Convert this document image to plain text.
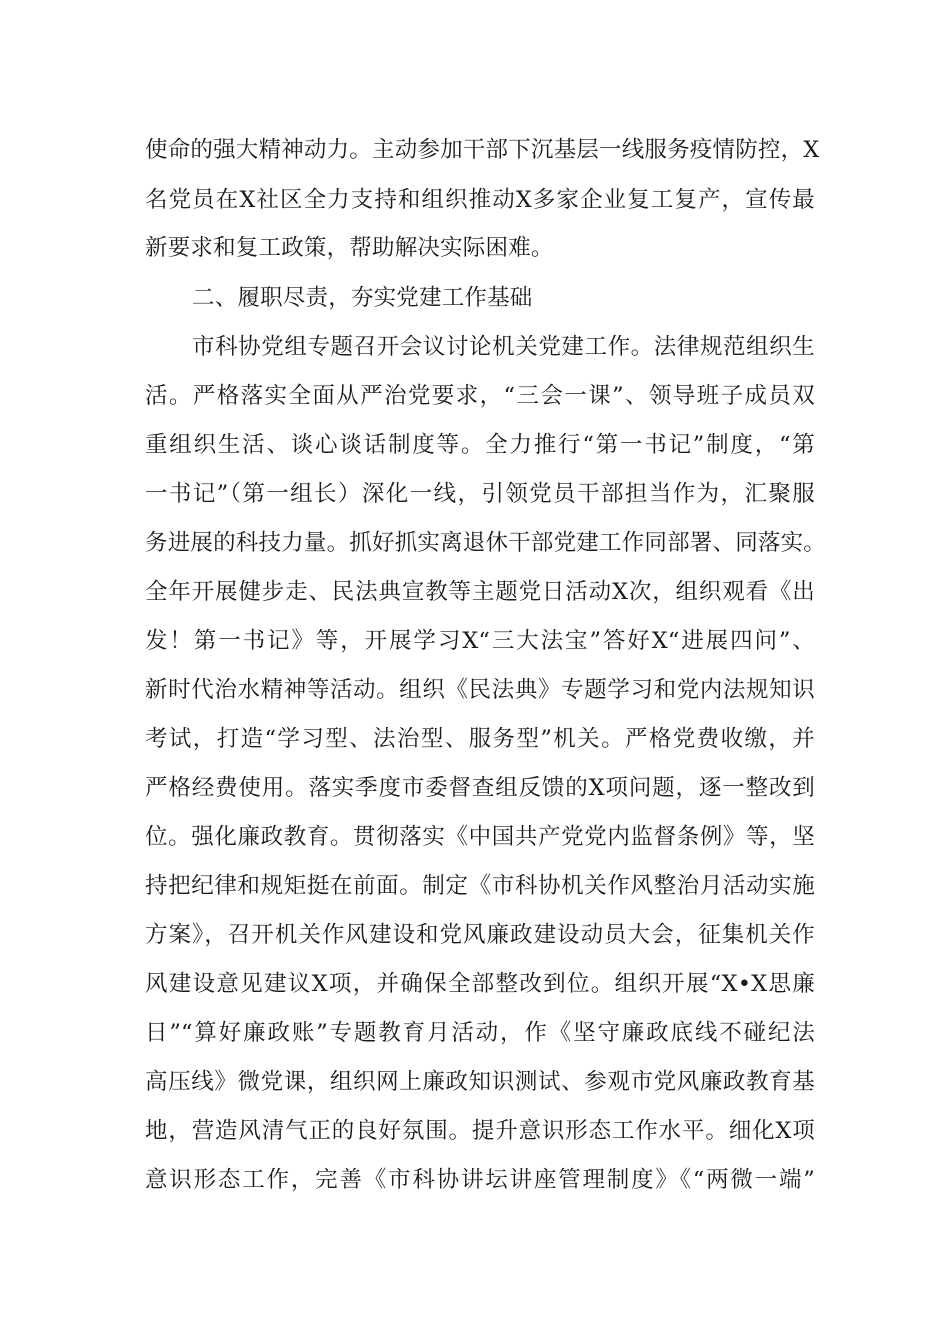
使命的强大精神动力。主动参加干部下沉基层一线服务疫情防控，X
名党员在X社区全力支持和组织推动X多家企业复工复产，宣传最
新要求和复工政策，帮助解决实际困难。
二、履职尽责，夯实党建工作基础
市科协党组专题召开会议讨论机关党建工作。法律规范组织生
活。严格落实全面从严治党要求，“三会一课”、领导班子成员双
重组织生活、谈心谈话制度等。全力推行“第一书记”制度，“第
一书记”（第一组长）深化一线，引领党员干部担当作为，汇聚服
务进展的科技力量。抓好抓实离退休干部党建工作同部署、同落实。
全年开展健步走、民法典宣教等主题党日活动X次，组织观看《出
发！第一书记》等，开展学习X“三大法宝”答好X“进展四问”、
新时代治水精神等活动。组织《民法典》专题学习和党内法规知识
考试，打造“学习型、法治型、服务型”机关。严格党费收缴，并
严格经费使用。落实季度市委督查组反馈的X项问题，逐一整改到
位。强化廉政教育。贯彻落实《中国共产党党内监督条例》等，坚
持把纪律和规矩挺在前面。制定《市科协机关作风整治月活动实施
方案》，召开机关作风建设和党风廉政建设动员大会，征集机关作
风建设意见建议X项，并确保全部整改到位。组织开展“X•X思廉
日”“算好廉政账”专题教育月活动，作《坚守廉政底线不碰纪法
高压线》微党课，组织网上廉政知识测试、参观市党风廉政教育基
地，营造风清气正的良好氛围。提升意识形态工作水平。细化X项
意识形态工作，完善《市科协讲坛讲座管理制度》《“两微一端”
